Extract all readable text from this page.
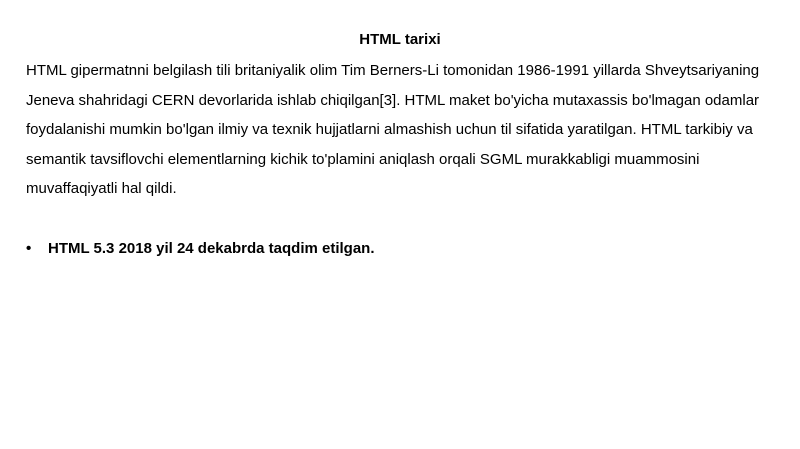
HTML tarixi

HTML gipermatnni belgilash tili britaniyalik olim Tim Berners-Li tomonidan 1986-1991 yillarda Shveytsariyaning Jeneva shahridagi CERN devorlarida ishlab chiqilgan[3]. HTML maket bo'yicha mutaxassis bo'lmagan odamlar foydalanishi mumkin bo'lgan ilmiy va texnik hujjatlarni almashish uchun til sifatida yaratilgan. HTML tarkibiy va semantik tavsiflovchi elementlarning kichik to'plamini aniqlash orqali SGML murakkabligi muammosini muvaffaqiyatli hal qildi.

• HTML 5.3 2018 yil 24 dekabrda taqdim etilgan.
